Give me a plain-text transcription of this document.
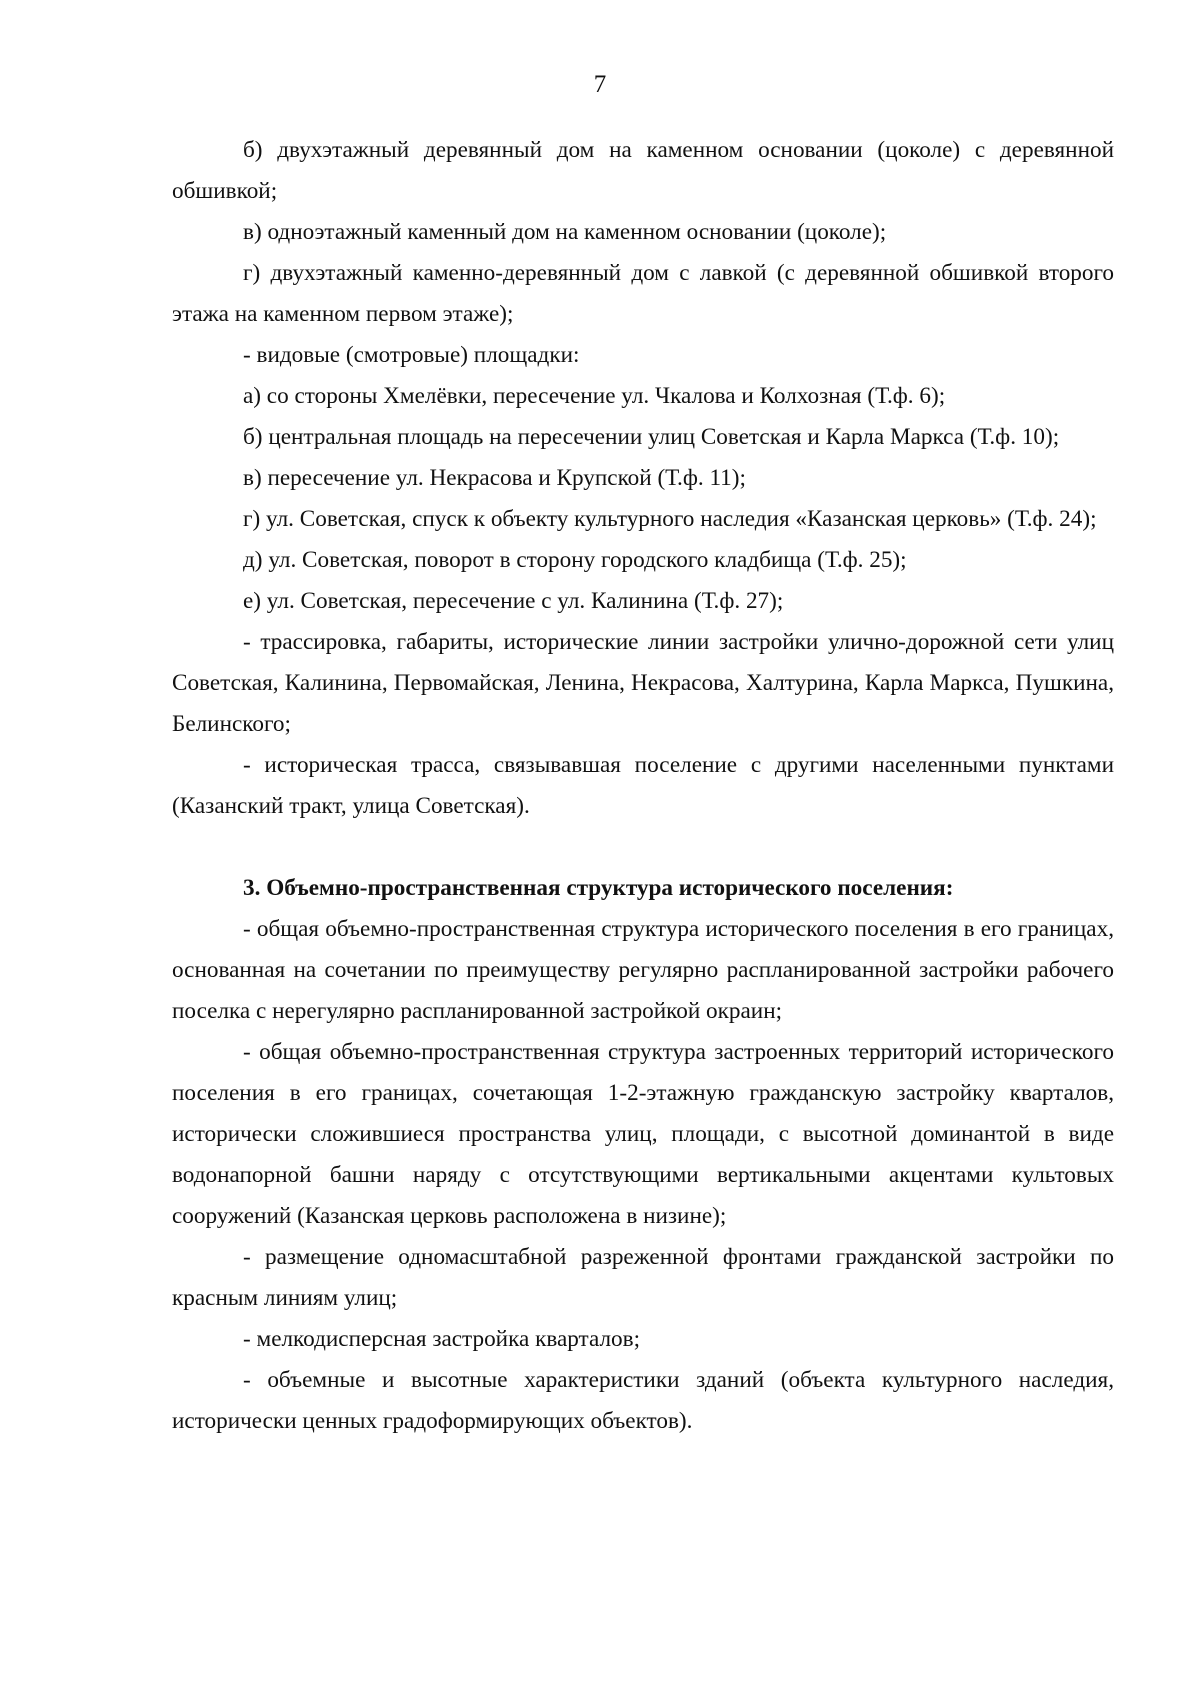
7

б) двухэтажный деревянный дом на каменном основании (цоколе) с деревянной обшивкой;

в) одноэтажный каменный дом на каменном основании (цоколе);

г) двухэтажный каменно-деревянный дом с лавкой (с деревянной обшивкой второго этажа на каменном первом этаже);

- видовые (смотровые) площадки:

а) со стороны Хмелёвки, пересечение ул. Чкалова и Колхозная (Т.ф. 6);

б) центральная площадь на пересечении улиц Советская и Карла Маркса (Т.ф. 10);

в) пересечение ул. Некрасова и Крупской (Т.ф. 11);

г) ул. Советская, спуск к объекту культурного наследия «Казанская церковь» (Т.ф. 24);

д) ул. Советская, поворот в сторону городского кладбища (Т.ф. 25);

е) ул. Советская, пересечение с ул. Калинина (Т.ф. 27);

- трассировка, габариты, исторические линии застройки улично-дорожной сети улиц Советская, Калинина, Первомайская, Ленина, Некрасова, Халтурина, Карла Маркса, Пушкина, Белинского;

- историческая трасса, связывавшая поселение с другими населенными пунктами (Казанский тракт, улица Советская).

3. Объемно-пространственная структура исторического поселения:

- общая объемно-пространственная структура исторического поселения в его границах, основанная на сочетании по преимуществу регулярно распланированной застройки рабочего поселка с нерегулярно распланированной застройкой окраин;

- общая объемно-пространственная структура застроенных территорий исторического поселения в его границах, сочетающая 1-2-этажную гражданскую застройку кварталов, исторически сложившиеся пространства улиц, площади, с высотной доминантой в виде водонапорной башни наряду с отсутствующими вертикальными акцентами культовых сооружений (Казанская церковь расположена в низине);

- размещение одномасштабной разреженной фронтами гражданской застройки по красным линиям улиц;

- мелкодисперсная застройка кварталов;

- объемные и высотные характеристики зданий (объекта культурного наследия, исторически ценных градоформирующих объектов).
